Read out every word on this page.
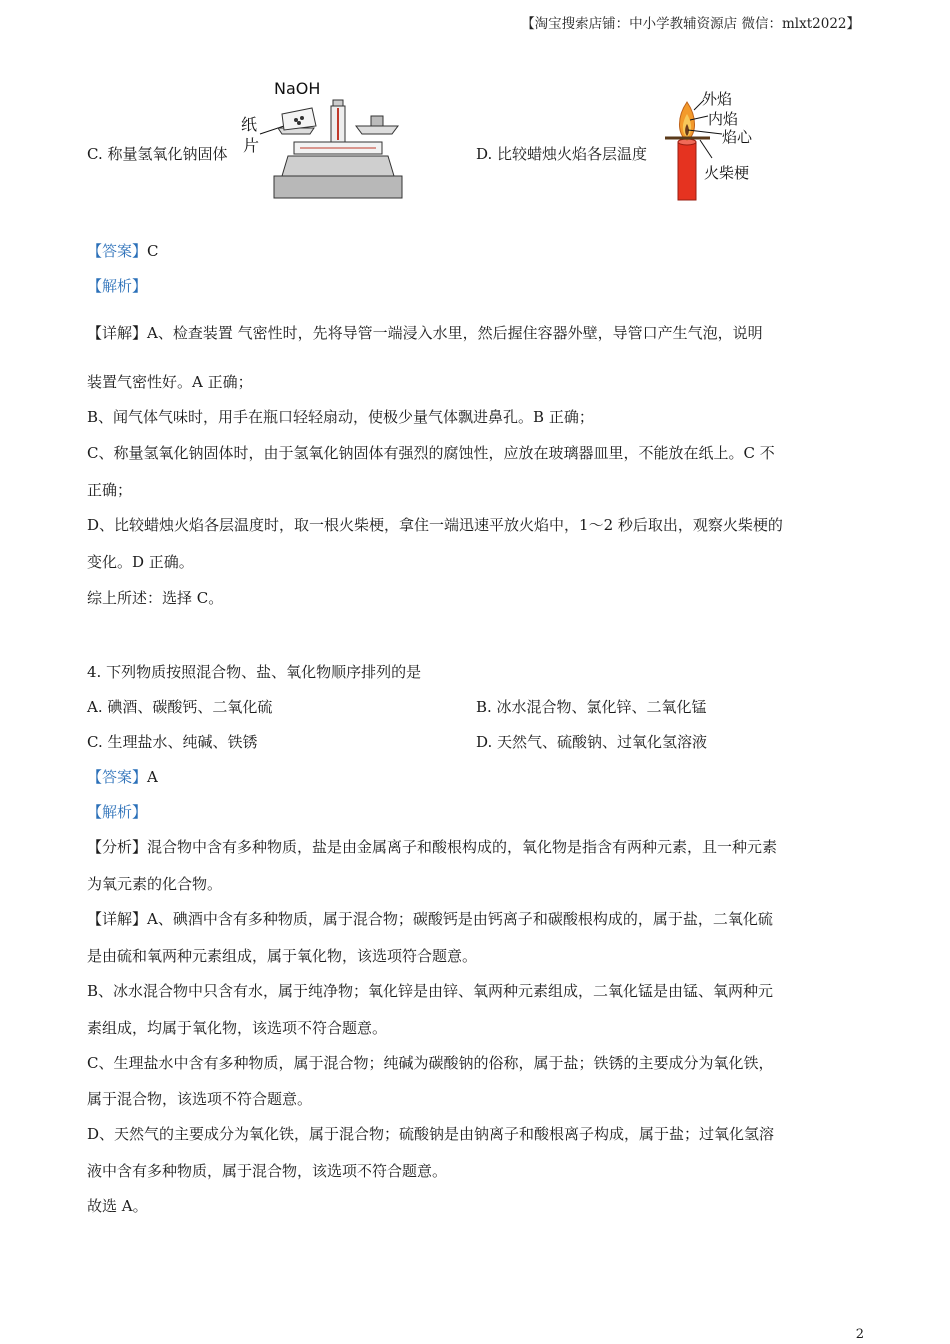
【淘宝搜索店铺：中小学教辅资源店 微信：mlxt2022】
C. 称量氢氧化钠固体
NaOH
纸
片	D. 比较蜡烛火焰各层温度
外焰
内焰
焰心
火柴梗
【答案】C
【解析】
【详解】A、检查装置 气密性时，先将导管一端浸入水里，然后握住容器外壁，导管口产生气泡，说明
装置气密性好。A 正确；
B、闻气体气味时，用手在瓶口轻轻扇动，使极少量气体飘进鼻孔。B 正确；
C、称量氢氧化钠固体时，由于氢氧化钠固体有强烈的腐蚀性，应放在玻璃器皿里，不能放在纸上。C 不
正确；
D、比较蜡烛火焰各层温度时，取一根火柴梗，拿住一端迅速平放火焰中，1～2 秒后取出，观察火柴梗的
变化。D 正确。
综上所述：选择 C。
4. 下列物质按照混合物、盐、氧化物顺序排列的是
A. 碘酒、碳酸钙、二氧化硫	B. 冰水混合物、氯化锌、二氧化锰
C. 生理盐水、纯碱、铁锈	D. 天然气、硫酸钠、过氧化氢溶液
【答案】A
【解析】
【分析】混合物中含有多种物质，盐是由金属离子和酸根构成的，氧化物是指含有两种元素，且一种元素
为氧元素的化合物。
【详解】A、碘酒中含有多种物质，属于混合物；碳酸钙是由钙离子和碳酸根构成的，属于盐，二氧化硫
是由硫和氧两种元素组成，属于氧化物，该选项符合题意。
B、冰水混合物中只含有水，属于纯净物；氧化锌是由锌、氧两种元素组成，二氧化锰是由锰、氧两种元
素组成，均属于氧化物，该选项不符合题意。
C、生理盐水中含有多种物质，属于混合物；纯碱为碳酸钠的俗称，属于盐；铁锈的主要成分为氧化铁，
属于混合物，该选项不符合题意。
D、天然气的主要成分为氧化铁，属于混合物；硫酸钠是由钠离子和酸根离子构成，属于盐；过氧化氢溶
液中含有多种物质，属于混合物，该选项不符合题意。
故选 A。
2
